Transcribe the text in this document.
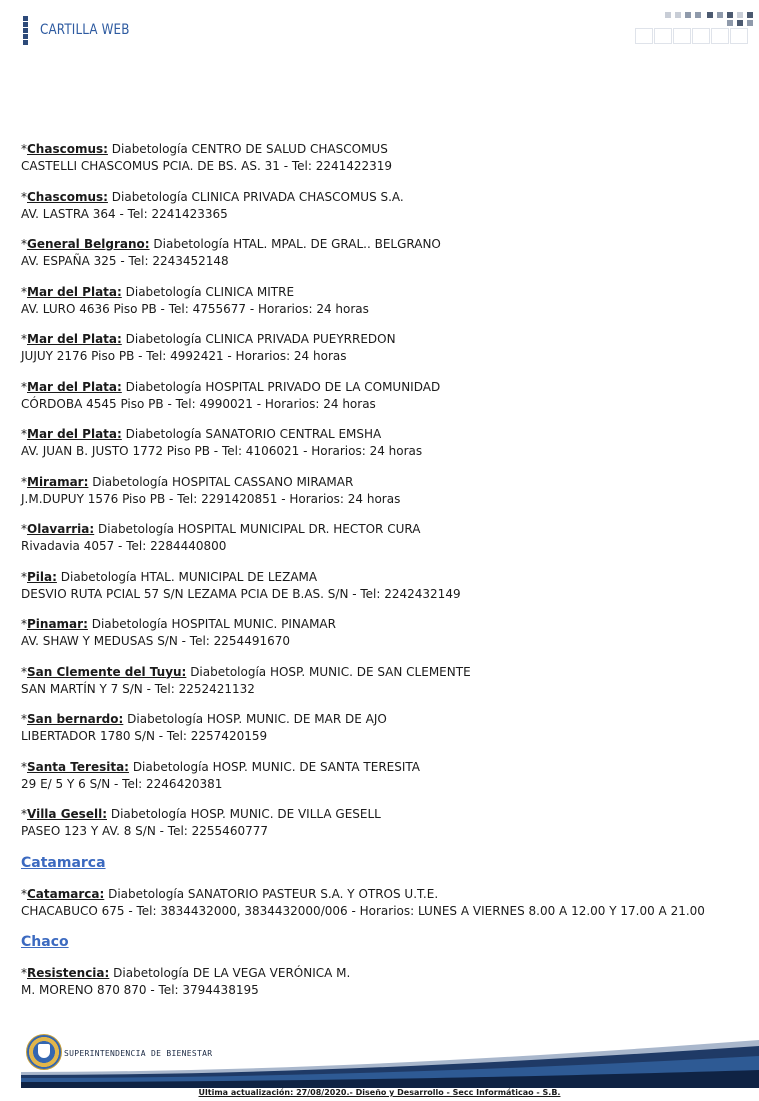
CARTILLA WEB
*Chascomus: Diabetología CENTRO DE SALUD CHASCOMUS
CASTELLI CHASCOMUS PCIA. DE BS. AS. 31 - Tel: 2241422319
*Chascomus: Diabetología CLINICA PRIVADA CHASCOMUS S.A.
AV. LASTRA 364 - Tel: 2241423365
*General Belgrano: Diabetología HTAL. MPAL. DE GRAL.. BELGRANO
AV. ESPAÑA 325 - Tel: 2243452148
*Mar del Plata: Diabetología CLINICA MITRE
AV. LURO 4636 Piso PB - Tel: 4755677 - Horarios: 24 horas
*Mar del Plata: Diabetología CLINICA PRIVADA PUEYRREDON
JUJUY 2176 Piso PB - Tel: 4992421 - Horarios: 24 horas
*Mar del Plata: Diabetología HOSPITAL PRIVADO DE LA COMUNIDAD
CÓRDOBA 4545 Piso PB - Tel: 4990021 - Horarios: 24 horas
*Mar del Plata: Diabetología SANATORIO CENTRAL EMSHA
AV. JUAN B. JUSTO 1772 Piso PB - Tel: 4106021 - Horarios: 24 horas
*Miramar: Diabetología HOSPITAL CASSANO MIRAMAR
J.M.DUPUY 1576 Piso PB - Tel: 2291420851 - Horarios: 24 horas
*Olavarria: Diabetología HOSPITAL MUNICIPAL DR. HECTOR CURA
Rivadavia 4057 - Tel: 2284440800
*Pila: Diabetología HTAL. MUNICIPAL DE LEZAMA
DESVIO RUTA PCIAL 57 S/N LEZAMA PCIA DE B.AS. S/N - Tel: 2242432149
*Pinamar: Diabetología HOSPITAL MUNIC. PINAMAR
AV. SHAW Y MEDUSAS S/N - Tel: 2254491670
*San Clemente del Tuyu: Diabetología HOSP. MUNIC. DE SAN CLEMENTE
SAN MARTÍN Y 7 S/N - Tel: 2252421132
*San bernardo: Diabetología HOSP. MUNIC. DE MAR DE AJO
LIBERTADOR 1780 S/N - Tel: 2257420159
*Santa Teresita: Diabetología HOSP. MUNIC. DE SANTA TERESITA
29 E/ 5 Y 6 S/N - Tel: 2246420381
*Villa Gesell: Diabetología HOSP. MUNIC. DE VILLA GESELL
PASEO 123 Y AV. 8 S/N - Tel: 2255460777
Catamarca
*Catamarca: Diabetología SANATORIO PASTEUR S.A. Y OTROS U.T.E.
CHACABUCO 675 - Tel: 3834432000, 3834432000/006 - Horarios: LUNES A VIERNES 8.00 A 12.00 Y 17.00 A 21.00
Chaco
*Resistencia: Diabetología DE LA VEGA VERÓNICA M.
M. MORENO 870 870 - Tel: 3794438195
SUPERINTENDENCIA DE BIENESTAR
Ultima actualización: 27/08/2020.- Diseño y Desarrollo - Secc Informáticao - S.B.
